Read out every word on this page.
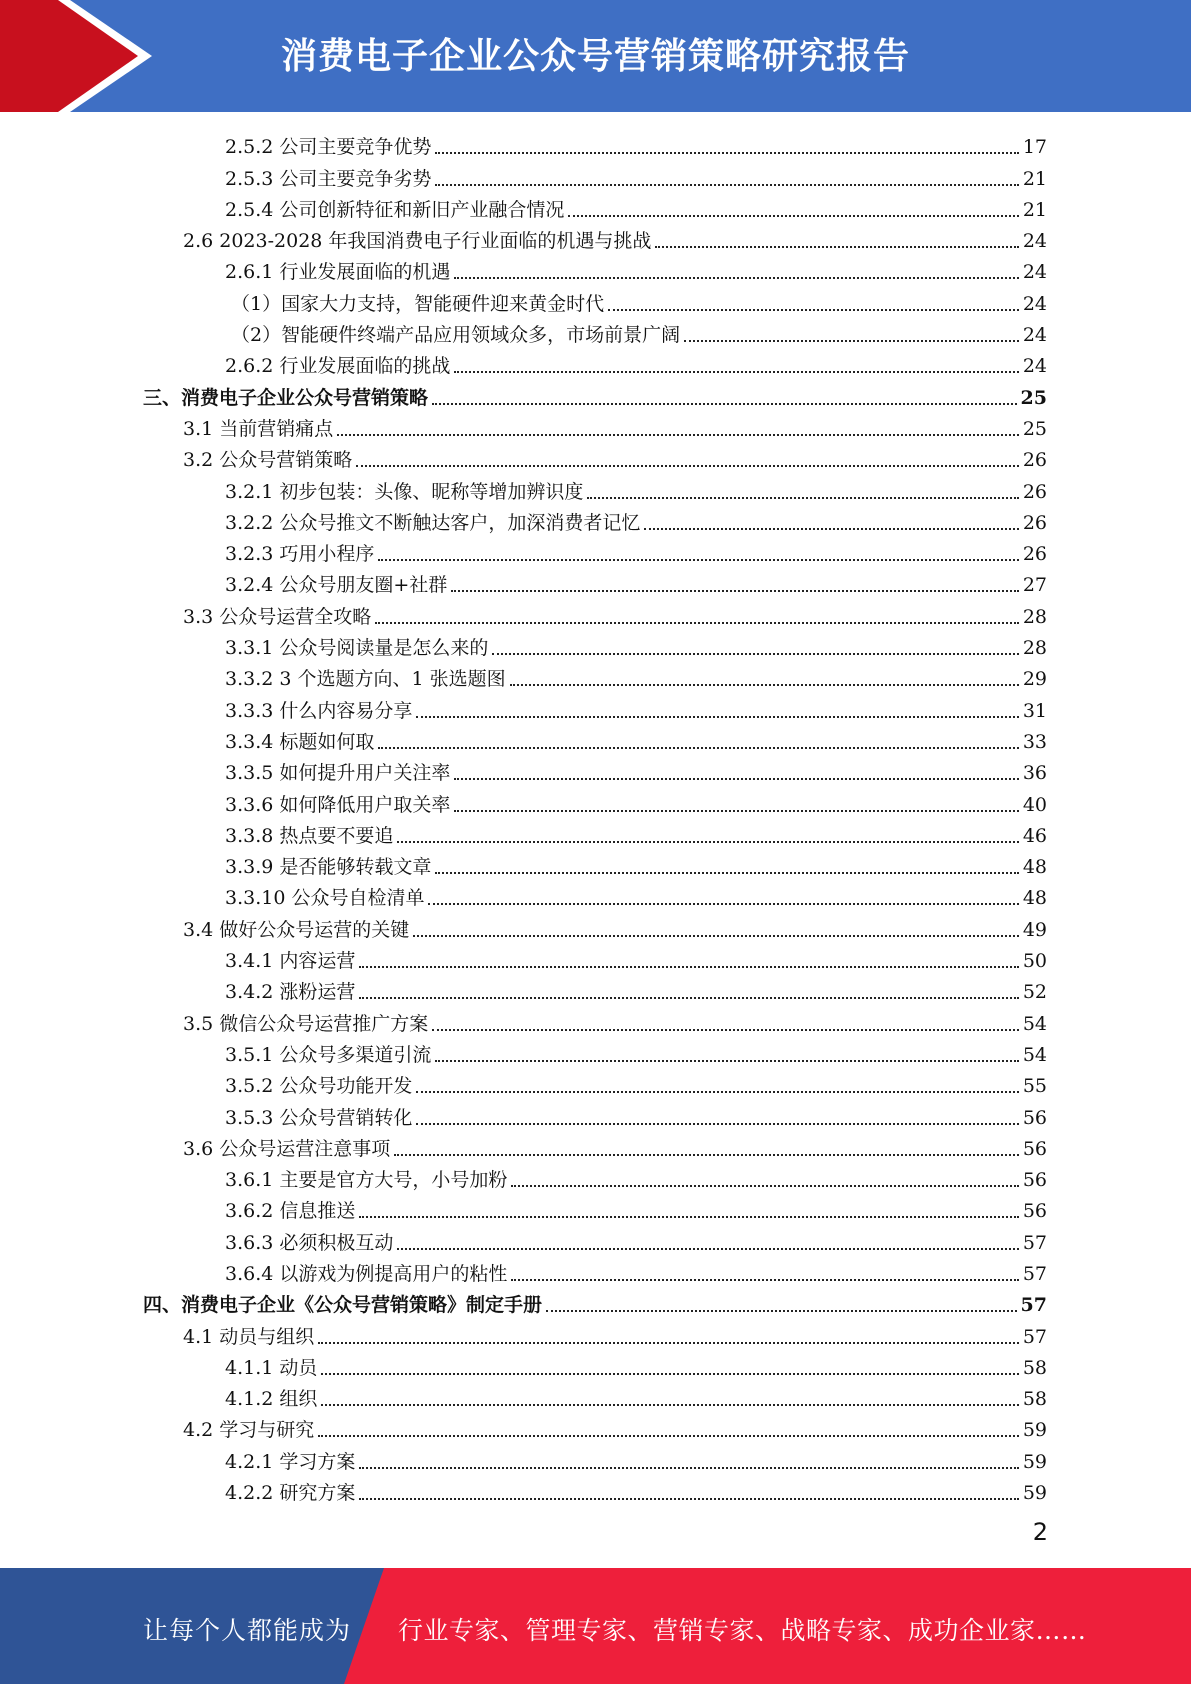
消费电子企业公众号营销策略研究报告
2.5.2 公司主要竞争优势	17
2.5.3 公司主要竞争劣势	21
2.5.4 公司创新特征和新旧产业融合情况	21
2.6 2023-2028 年我国消费电子行业面临的机遇与挑战	24
2.6.1 行业发展面临的机遇	24
（1）国家大力支持，智能硬件迎来黄金时代	24
（2）智能硬件终端产品应用领域众多，市场前景广阔	24
2.6.2 行业发展面临的挑战	24
三、消费电子企业公众号营销策略	25
3.1 当前营销痛点	25
3.2 公众号营销策略	26
3.2.1 初步包装：头像、昵称等增加辨识度	26
3.2.2 公众号推文不断触达客户，加深消费者记忆	26
3.2.3 巧用小程序	26
3.2.4 公众号朋友圈+社群	27
3.3 公众号运营全攻略	28
3.3.1 公众号阅读量是怎么来的	28
3.3.2 3 个选题方向、1 张选题图	29
3.3.3 什么内容易分享	31
3.3.4 标题如何取	33
3.3.5 如何提升用户关注率	36
3.3.6 如何降低用户取关率	40
3.3.8 热点要不要追	46
3.3.9 是否能够转载文章	48
3.3.10 公众号自检清单	48
3.4 做好公众号运营的关键	49
3.4.1 内容运营	50
3.4.2 涨粉运营	52
3.5 微信公众号运营推广方案	54
3.5.1 公众号多渠道引流	54
3.5.2 公众号功能开发	55
3.5.3 公众号营销转化	56
3.6 公众号运营注意事项	56
3.6.1 主要是官方大号，小号加粉	56
3.6.2 信息推送	56
3.6.3 必须积极互动	57
3.6.4 以游戏为例提高用户的粘性	57
四、消费电子企业《公众号营销策略》制定手册	57
4.1 动员与组织	57
4.1.1 动员	58
4.1.2 组织	58
4.2 学习与研究	59
4.2.1 学习方案	59
4.2.2 研究方案	59
2
让每个人都能成为 行业专家、管理专家、营销专家、战略专家、成功企业家……
